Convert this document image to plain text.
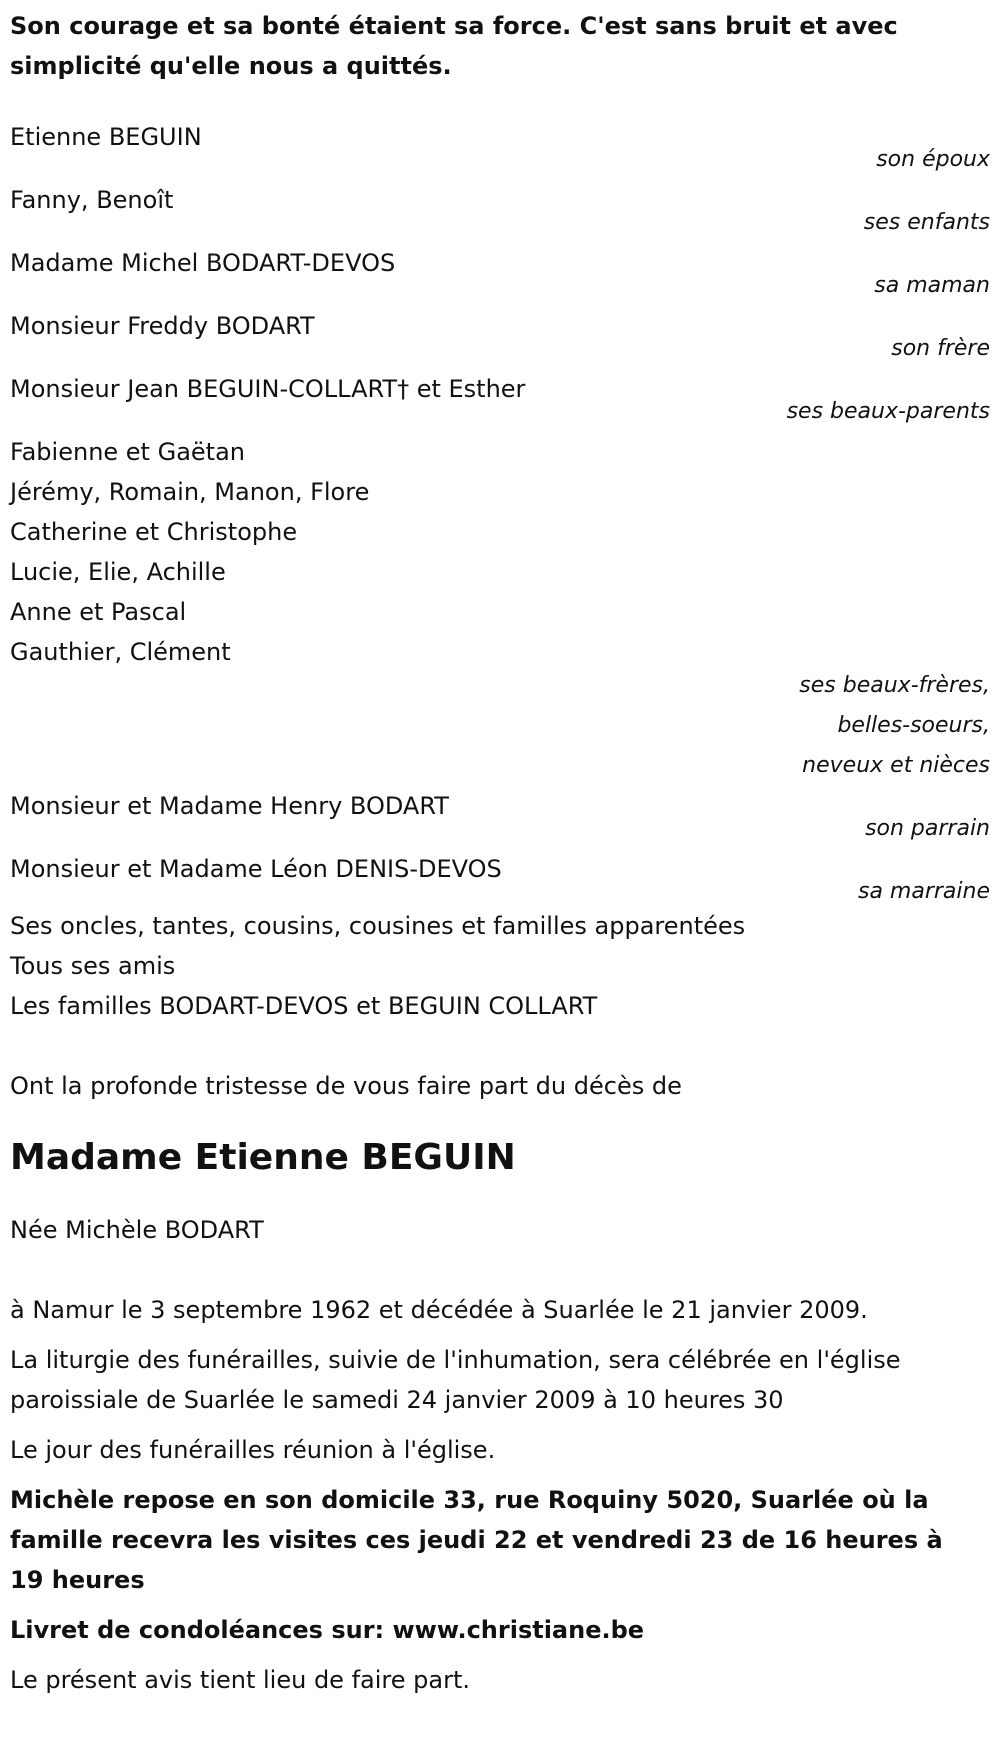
Son courage et sa bonté étaient sa force. C'est sans bruit et avec simplicité qu'elle nous a quittés.

Etienne BEGUIN
son époux
Fanny, Benoît
ses enfants
Madame Michel BODART-DEVOS
sa maman
Monsieur Freddy BODART
son frère
Monsieur Jean BEGUIN-COLLART† et Esther
ses beaux-parents
Fabienne et Gaëtan
Jérémy, Romain, Manon, Flore
Catherine et Christophe
Lucie, Elie, Achille
Anne et Pascal
Gauthier, Clément
ses beaux-frères,
belles-soeurs,
neveux et nièces
Monsieur et Madame Henry BODART
son parrain
Monsieur et Madame Léon DENIS-DEVOS
sa marraine
Ses oncles, tantes, cousins, cousines et familles apparentées
Tous ses amis
Les familles BODART-DEVOS et BEGUIN COLLART
Ont la profonde tristesse de vous faire part du décès de
Madame Etienne BEGUIN
Née Michèle BODART

à Namur le 3 septembre 1962 et décédée à Suarlée le 21 janvier 2009.

La liturgie des funérailles, suivie de l'inhumation, sera célébrée en l'église paroissiale de Suarlée le samedi 24 janvier 2009 à 10 heures 30

Le jour des funérailles réunion à l'église.

Michèle repose en son domicile 33, rue Roquiny 5020, Suarlée où la famille recevra les visites ces jeudi 22 et vendredi 23 de 16 heures à 19 heures

Livret de condoléances sur: www.christiane.be

Le présent avis tient lieu de faire part.
